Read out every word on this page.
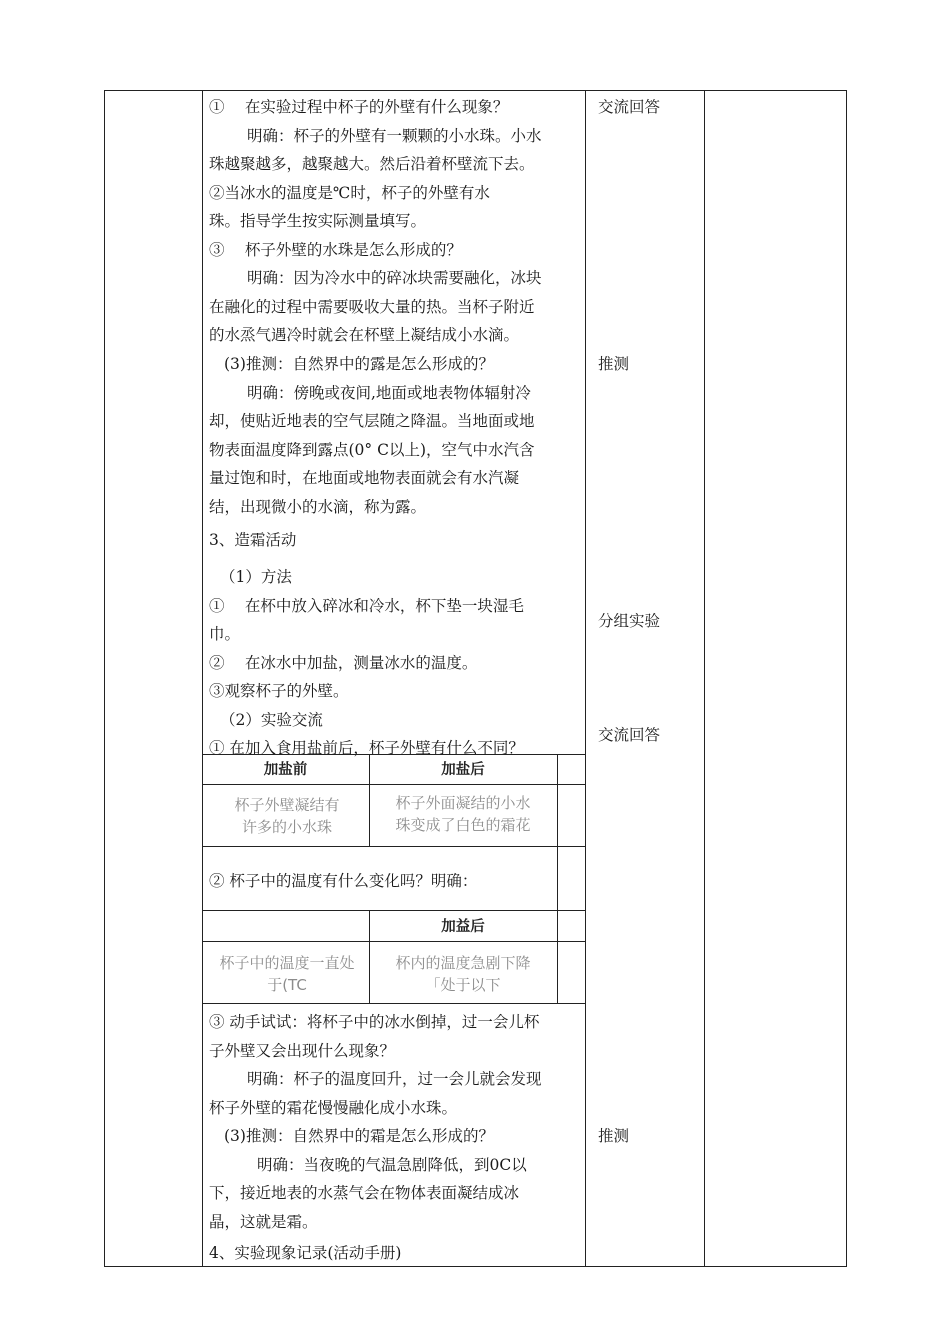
①　 在实验过程中杯子的外壁有什么现象？
明确：杯子的外壁有一颗颗的小水珠。小水
珠越聚越多，越聚越大。然后沿着杯壁流下去。
②当冰水的温度是℃时，杯子的外壁有水
珠。指导学生按实际测量填写。
③　 杯子外壁的水珠是怎么形成的？
明确：因为冷水中的碎冰块需要融化，冰块
在融化的过程中需要吸收大量的热。当杯子附近
的水烝气遇冷时就会在杯壁上凝结成小水滴。
(3)推测：自然界中的露是怎么形成的？
明确：傍晚或夜间,地面或地表物体辐射冷
却，使贴近地表的空气层随之降温。当地面或地
物表面温度降到露点(0° C以上)，空气中水汽含
量过饱和时，在地面或地物表面就会有水汽凝
结，出现微小的水滴，称为露。
3、造霜活动
（1）方法
①　 在杯中放入碎冰和冷水，杯下垫一块湿毛
巾。
②　 在冰水中加盐，测量冰水的温度。
③观察杯子的外壁。
（2）实验交流
① 在加入食用盐前后，杯子外壁有什么不同？
加盐前	加盐后
杯子外壁凝结有
许多的小水珠
杯子外面凝结的小水
珠变成了白色的霜花
② 杯子中的温度有什么变化吗？明确：
加益后
杯子中的温度一直处
于(TC
杯内的温度急剧下降
「处于以下
③ 动手试试：将杯子中的冰水倒掉，过一会儿杯
子外壁又会出现什么现象？
明确：杯子的温度回升，过一会儿就会发现
杯子外壁的霜花慢慢融化成小水珠。
(3)推测：自然界中的霜是怎么形成的？
明确：当夜晚的气温急剧降低，到0C以
下，接近地表的水蒸气会在物体表面凝结成冰
晶，这就是霜。
4、实验现象记录(活动手册)
交流回答
推测
分组实验
交流回答
推测
